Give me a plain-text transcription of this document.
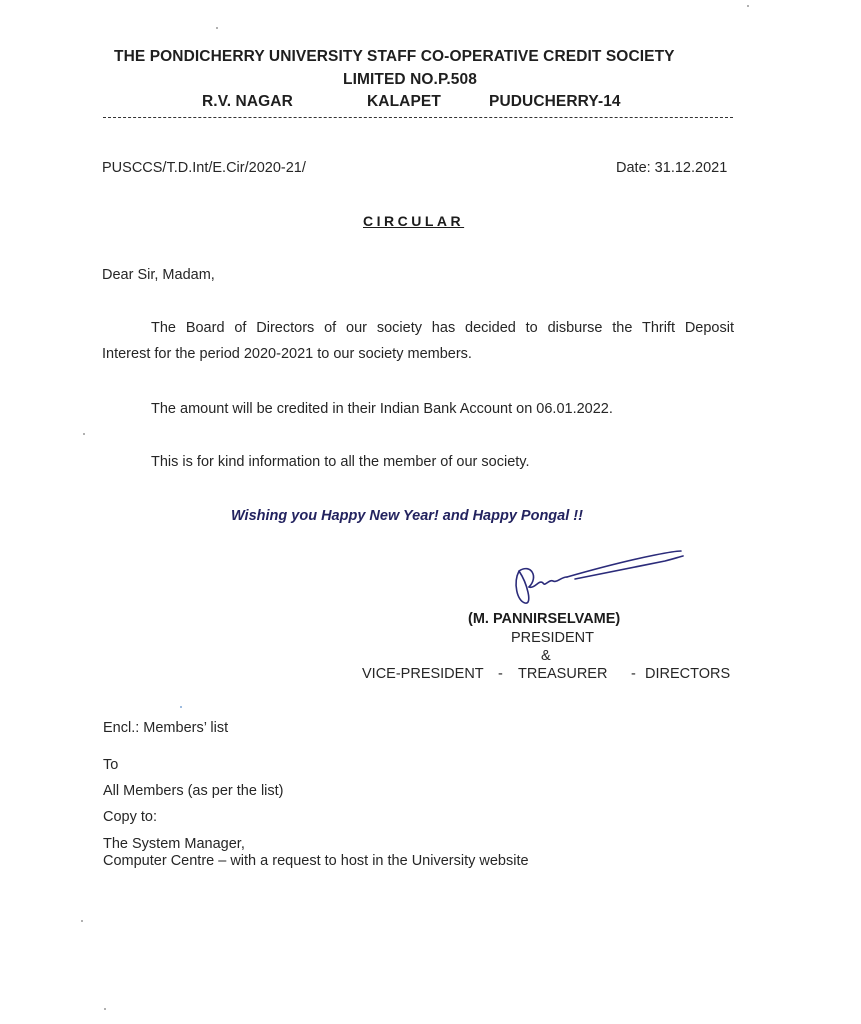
THE PONDICHERRY UNIVERSITY STAFF CO-OPERATIVE CREDIT SOCIETY
LIMITED NO.P.508
R.V. NAGAR	KALAPET	PUDUCHERRY-14
PUSCCS/T.D.Int/E.Cir/2020-21/	Date: 31.12.2021
CIRCULAR
Dear Sir, Madam,
The Board of Directors of our society has decided to disburse the Thrift Deposit
Interest for the period 2020-2021 to our society members.
The amount will be credited in their Indian Bank Account on 06.01.2022.
This is for kind information to all the member of our society.
Wishing you Happy New Year! and Happy Pongal !!
(M. PANNIRSELVAME)
PRESIDENT
&
VICE-PRESIDENT - TREASURER - DIRECTORS
Encl.: Members’ list
To
All Members (as per the list)
Copy to:
The System Manager,
Computer Centre – with a request to host in the University website
